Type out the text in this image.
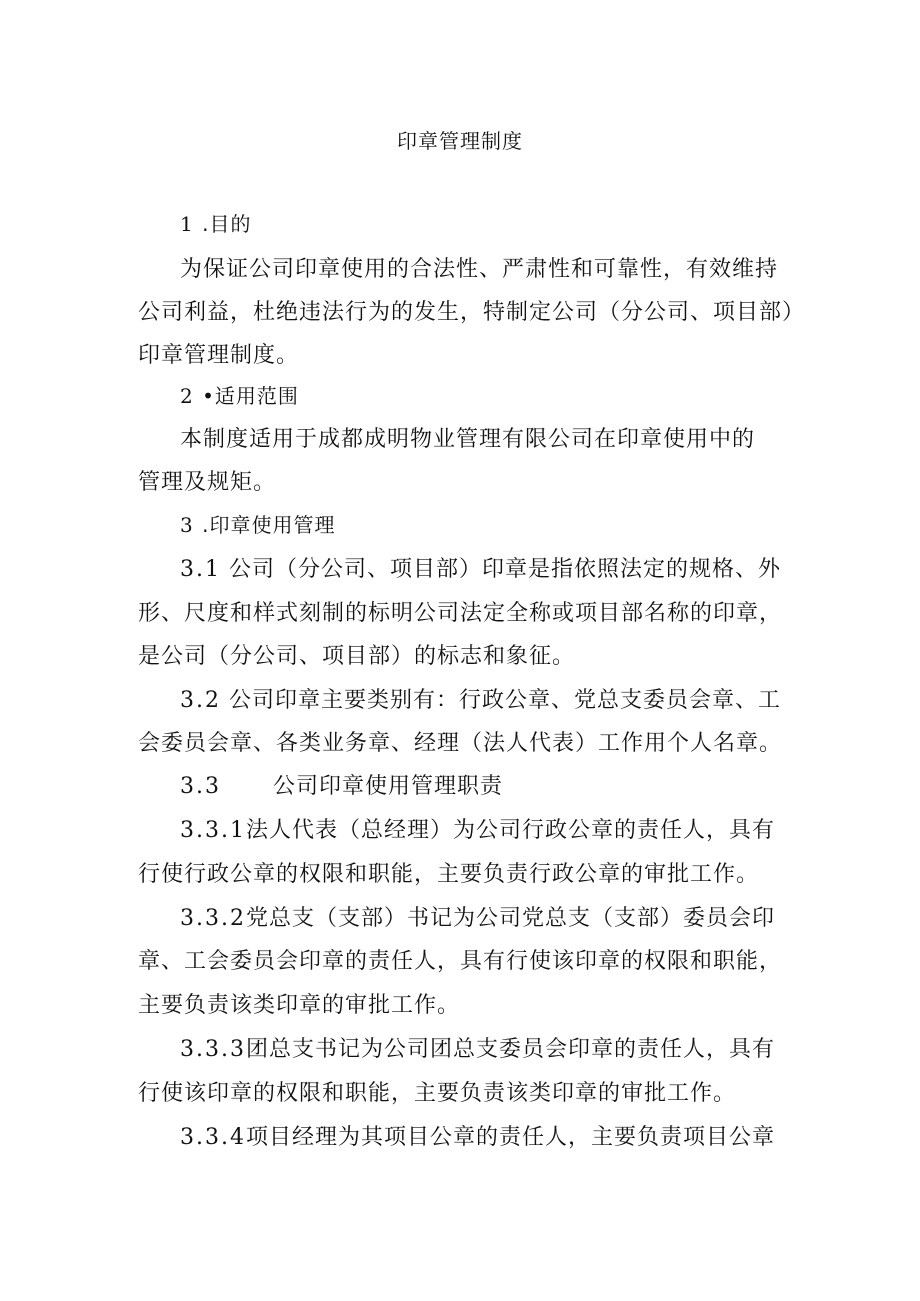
印章管理制度
1 .目的
为保证公司印章使用的合法性、严肃性和可靠性，有效维持
公司利益，杜绝违法行为的发生，特制定公司（分公司、项目部）
印章管理制度。
2 •适用范围
本制度适用于成都成明物业管理有限公司在印章使用中的
管理及规矩。
3 .印章使用管理
3.1 公司（分公司、项目部）印章是指依照法定的规格、外
形、尺度和样式刻制的标明公司法定全称或项目部名称的印章，
是公司（分公司、项目部）的标志和象征。
3.2 公司印章主要类别有：行政公章、党总支委员会章、工
会委员会章、各类业务章、经理（法人代表）工作用个人名章。
3.3 公司印章使用管理职责
3.3.1法人代表（总经理）为公司行政公章的责任人，具有
行使行政公章的权限和职能，主要负责行政公章的审批工作。
3.3.2党总支（支部）书记为公司党总支（支部）委员会印
章、工会委员会印章的责任人，具有行使该印章的权限和职能，
主要负责该类印章的审批工作。
3.3.3团总支书记为公司团总支委员会印章的责任人，具有
行使该印章的权限和职能，主要负责该类印章的审批工作。
3.3.4项目经理为其项目公章的责任人，主要负责项目公章
